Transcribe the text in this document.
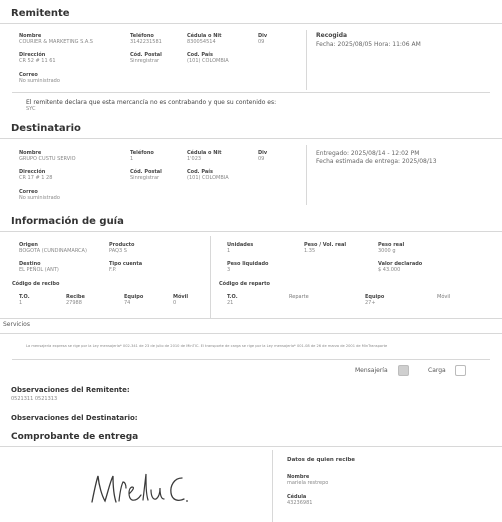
Remitente
Nombre
COURIER & MARKETING S.A.S
Teléfono
3142231581
Cédula o Nit
830054514
Div
09
Dirección
CR 52 # 11 61
Cód. Postal
Sinregistrar
Cod. País
(101) COLOMBIA
Correo
No suministrado
Recogida
Fecha: 2025/08/05 Hora: 11:06 AM
El remitente declara que esta mercancía no es contrabando y que su contenido es:
SYC
Destinatario
Nombre
GRUPO CUSTU SERVIO
Teléfono
1
Cédula o Nit
1'023
Div
09
Dirección
CR 17 # 1 28
Cód. Postal
Sinregistrar
Cod. País
(101) COLOMBIA
Correo
No suministrado
Entregado: 2025/08/14 - 12:02 PM
Fecha estimada de entrega: 2025/08/13
Información de guía
Origen
BOGOTA (CUNDINAMARCA)
Producto
PAQ3 S
Destino
EL PEÑOL (ANT)
Tipo cuenta
F.P.
Código de recibo
T.O.
1
Recibe
27988
Equipo
74
Móvil
0
Unidades
1
Peso / Vol. real
1.35
Peso real
3000 g
Peso liquidado
3
Valor declarado
$ 43.000
Código de reparto
T.O.
21
Reparte	Equipo
27+
Móvil
Servicios
La mensajería expresa se rige por la Ley mensajería* 002-341 de 23 de julio de 2010 de MinTIC. El transporte de carga se rige por la Ley mensajería* 001-08 de 26 de marzo de 2001 de MinTransporte
Mensajería	Carga
Observaciones del Remitente:
0521311 0521313
Observaciones del Destinatario:
Comprobante de entrega
Datos de quien recibe
Nombre
mariela restrepo
Cédula
43236981
